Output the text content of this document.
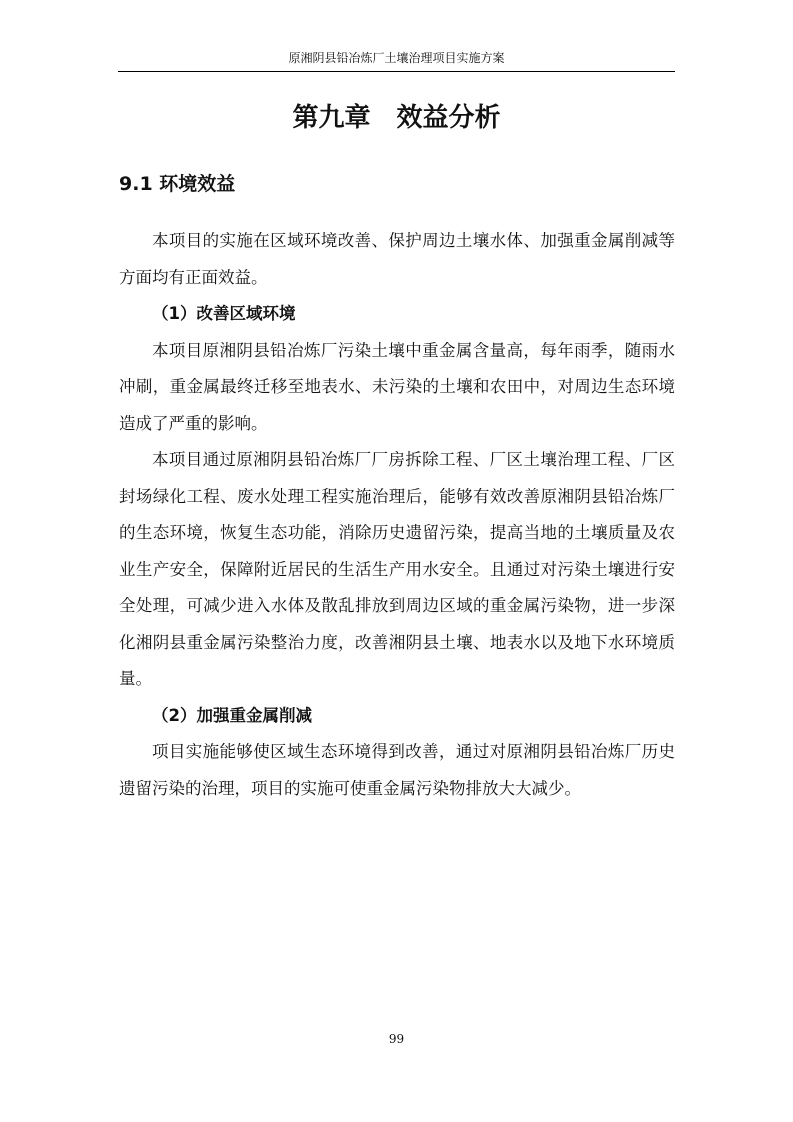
原湘阴县铅冶炼厂土壤治理项目实施方案
第九章　效益分析
9.1 环境效益

本项目的实施在区域环境改善、保护周边土壤水体、加强重金属削减等方面均有正面效益。

（1）改善区域环境

本项目原湘阴县铅冶炼厂污染土壤中重金属含量高，每年雨季，随雨水冲刷，重金属最终迁移至地表水、未污染的土壤和农田中，对周边生态环境造成了严重的影响。

本项目通过原湘阴县铅冶炼厂厂房拆除工程、厂区土壤治理工程、厂区封场绿化工程、废水处理工程实施治理后，能够有效改善原湘阴县铅冶炼厂的生态环境，恢复生态功能，消除历史遗留污染，提高当地的土壤质量及农业生产安全，保障附近居民的生活生产用水安全。且通过对污染土壤进行安全处理，可减少进入水体及散乱排放到周边区域的重金属污染物，进一步深化湘阴县重金属污染整治力度，改善湘阴县土壤、地表水以及地下水环境质量。

（2）加强重金属削减

项目实施能够使区域生态环境得到改善，通过对原湘阴县铅冶炼厂历史遗留污染的治理，项目的实施可使重金属污染物排放大大减少。

99
